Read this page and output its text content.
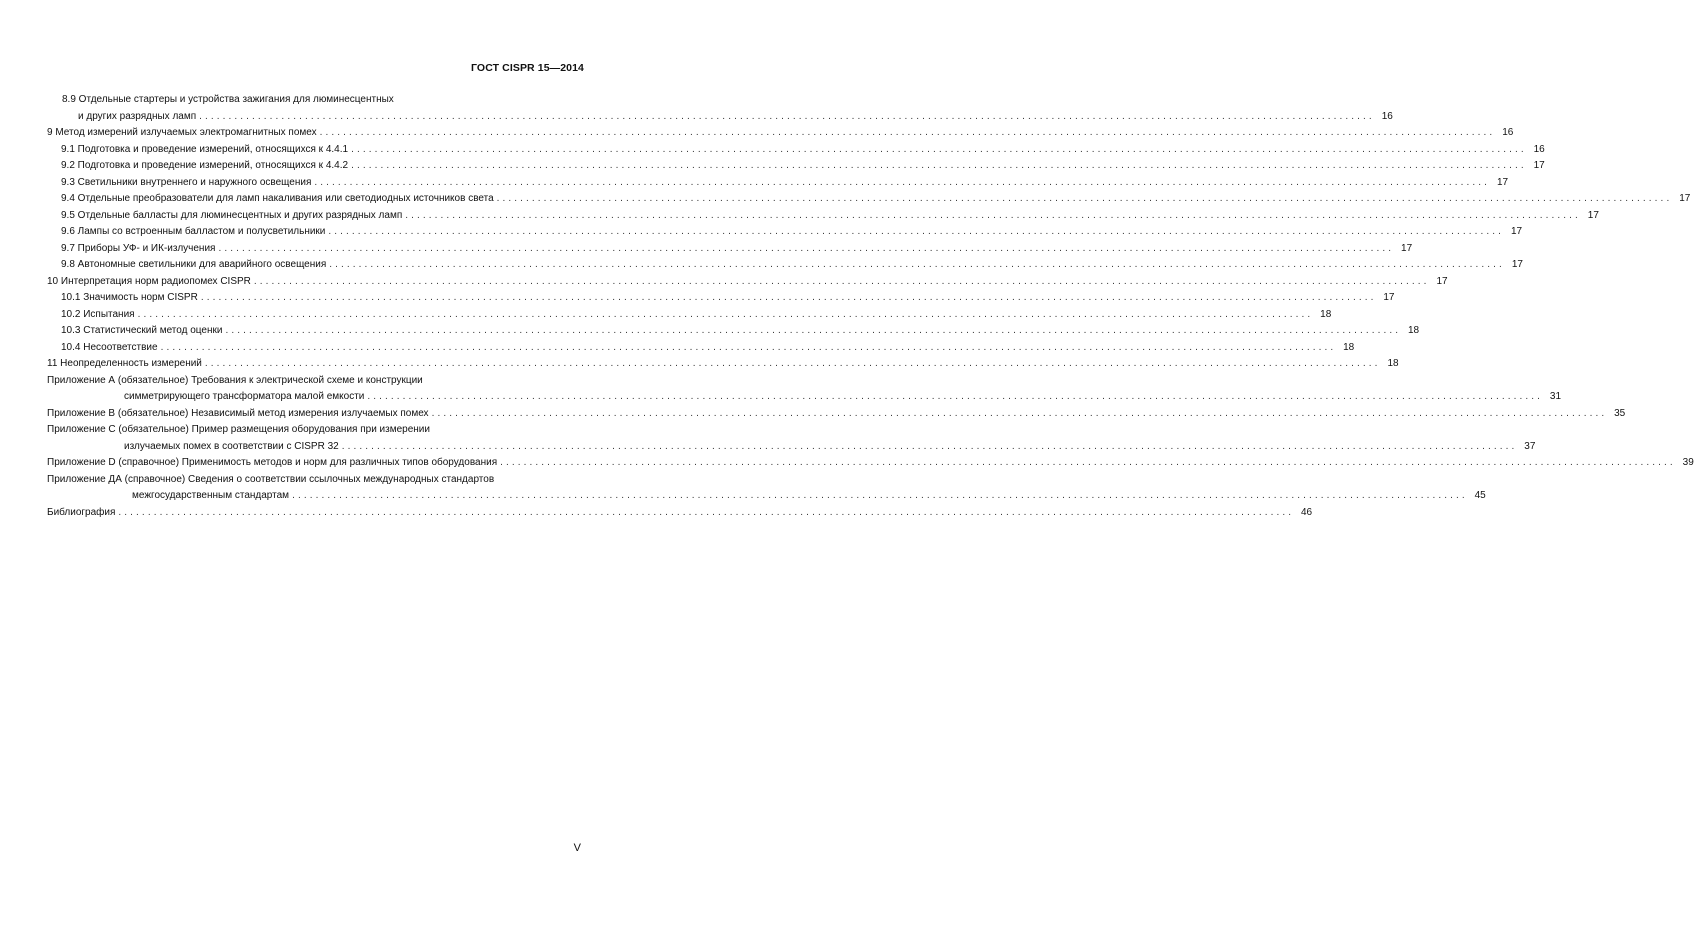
ГОСТ CISPR 15—2014
8.9 Отдельные стартеры и устройства зажигания для люминесцентных
и других разрядных ламп ........................................................................................................................................................................................................ 16
9 Метод измерений излучаемых электромагнитных помех ........................................................................................................................................................................................................ 16
9.1 Подготовка и проведение измерений, относящихся к 4.4.1 ........................................................................................................................................................................................................ 16
9.2 Подготовка и проведение измерений, относящихся к 4.4.2 ........................................................................................................................................................................................................ 17
9.3 Светильники внутреннего и наружного освещения ........................................................................................................................................................................................................ 17
9.4 Отдельные преобразователи для ламп накаливания или светодиодных источников света ........................................................................................................................................................................................................ 17
9.5 Отдельные балласты для люминесцентных и других разрядных ламп ........................................................................................................................................................................................................ 17
9.6 Лампы со встроенным балластом и полусветильники ........................................................................................................................................................................................................ 17
9.7 Приборы УФ- и ИК-излучения ........................................................................................................................................................................................................ 17
9.8 Автономные светильники для аварийного освещения ........................................................................................................................................................................................................ 17
10 Интерпретация норм радиопомех CISPR ........................................................................................................................................................................................................ 17
10.1 Значимость норм CISPR ........................................................................................................................................................................................................ 17
10.2 Испытания ........................................................................................................................................................................................................ 18
10.3 Статистический метод оценки ........................................................................................................................................................................................................ 18
10.4 Несоответствие ........................................................................................................................................................................................................ 18
11 Неопределенность измерений ........................................................................................................................................................................................................ 18
Приложение А (обязательное) Требования к электрической схеме и конструкции
симметрирующего трансформатора малой емкости ........................................................................................................................................................................................................ 31
Приложение В (обязательное) Независимый метод измерения излучаемых помех ........................................................................................................................................................................................................ 35
Приложение С (обязательное) Пример размещения оборудования при измерении
излучаемых помех в соответствии с CISPR 32 ........................................................................................................................................................................................................ 37
Приложение D (справочное) Применимость методов и норм для различных типов оборудования ........................................................................................................................................................................................................ 39
Приложение ДА (справочное) Сведения о соответствии ссылочных международных стандартов
межгосударственным стандартам ........................................................................................................................................................................................................ 45
Библиография ........................................................................................................................................................................................................ 46
V
